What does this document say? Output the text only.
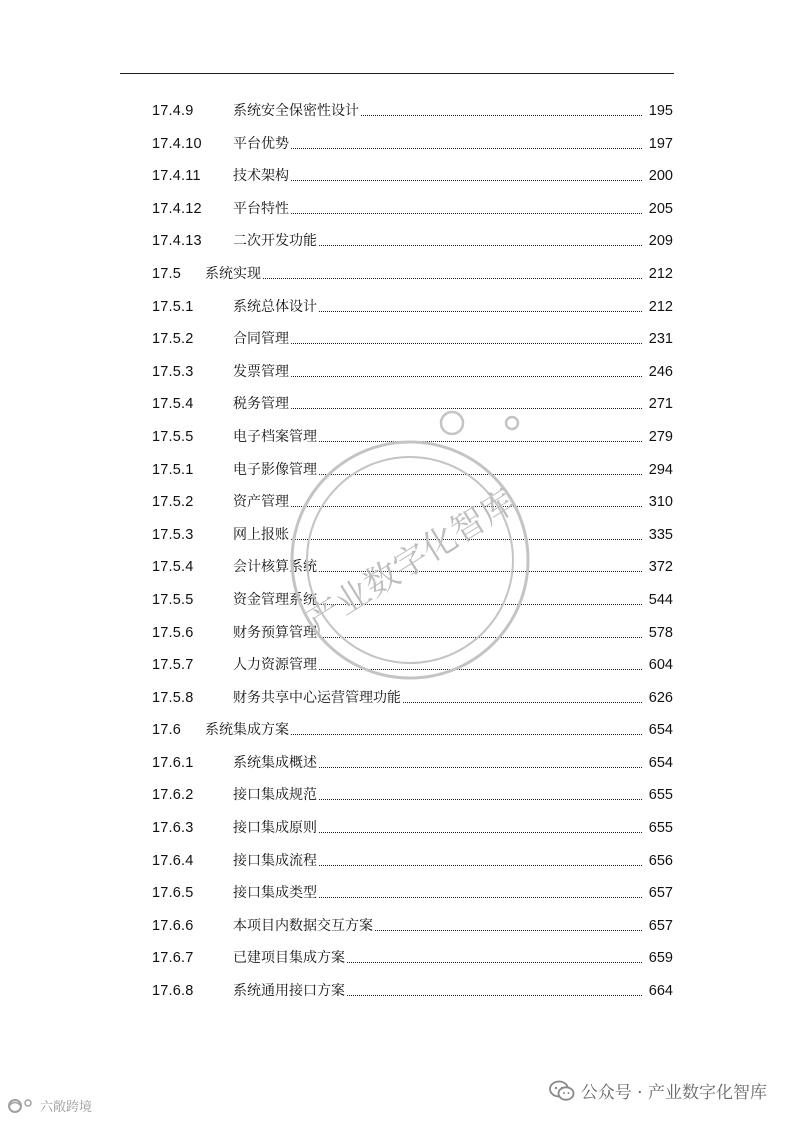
17.4.9	系统安全保密性设计	195
17.4.10 平台优势	197
17.4.11 技术架构	200
17.4.12 平台特性	205
17.4.13 二次开发功能	209
17.5 系统实现	212
17.5.1	系统总体设计	212
17.5.2	合同管理	231
17.5.3	发票管理	246
17.5.4	税务管理	271
17.5.5	电子档案管理	279
17.5.1	电子影像管理	294
17.5.2	资产管理	310
17.5.3	网上报账	335
17.5.4	会计核算系统	372
17.5.5	资金管理系统	544
17.5.6	财务预算管理	578
17.5.7	人力资源管理	604
17.5.8	财务共享中心运营管理功能	626
17.6 系统集成方案	654
17.6.1	系统集成概述	654
17.6.2	接口集成规范	655
17.6.3	接口集成原则	655
17.6.4	接口集成流程	656
17.6.5	接口集成类型	657
17.6.6	本项目内数据交互方案	657
17.6.7	已建项目集成方案	659
17.6.8	系统通用接口方案	664
产业数字化智库
六敞跨境
公众号 · 产业数字化智库
